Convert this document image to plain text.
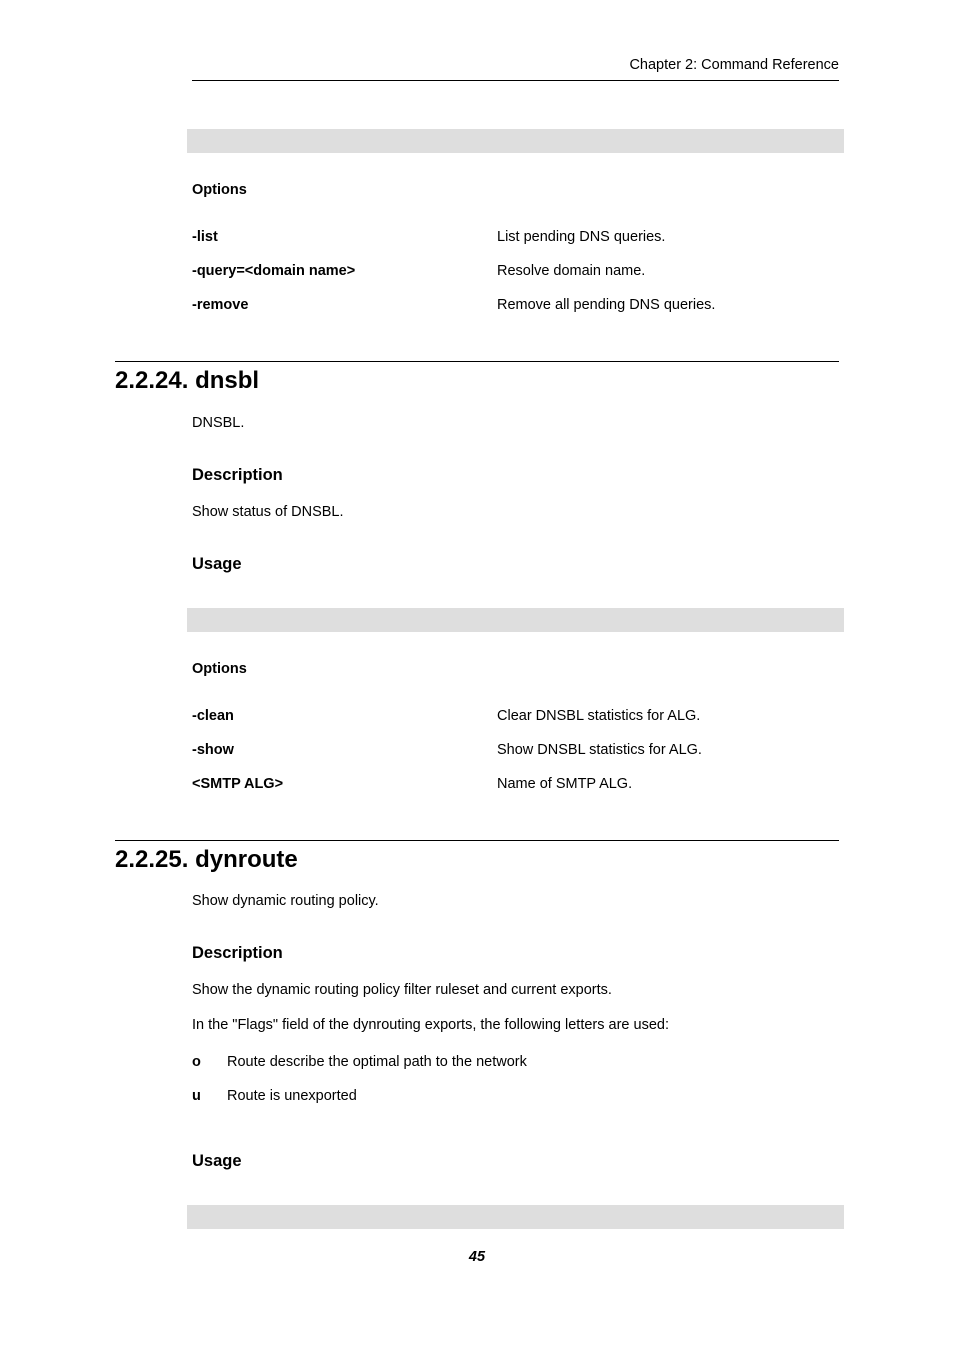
Chapter 2: Command Reference
Options
-list	List pending DNS queries.
-query=<domain name>	Resolve domain name.
-remove	Remove all pending DNS queries.
2.2.24. dnsbl
DNSBL.
Description
Show status of DNSBL.
Usage
Options
-clean	Clear DNSBL statistics for ALG.
-show	Show DNSBL statistics for ALG.
<SMTP ALG>	Name of SMTP ALG.
2.2.25. dynroute
Show dynamic routing policy.
Description
Show the dynamic routing policy filter ruleset and current exports.
In the "Flags" field of the dynrouting exports, the following letters are used:
o Route describe the optimal path to the network
u Route is unexported
Usage
45
